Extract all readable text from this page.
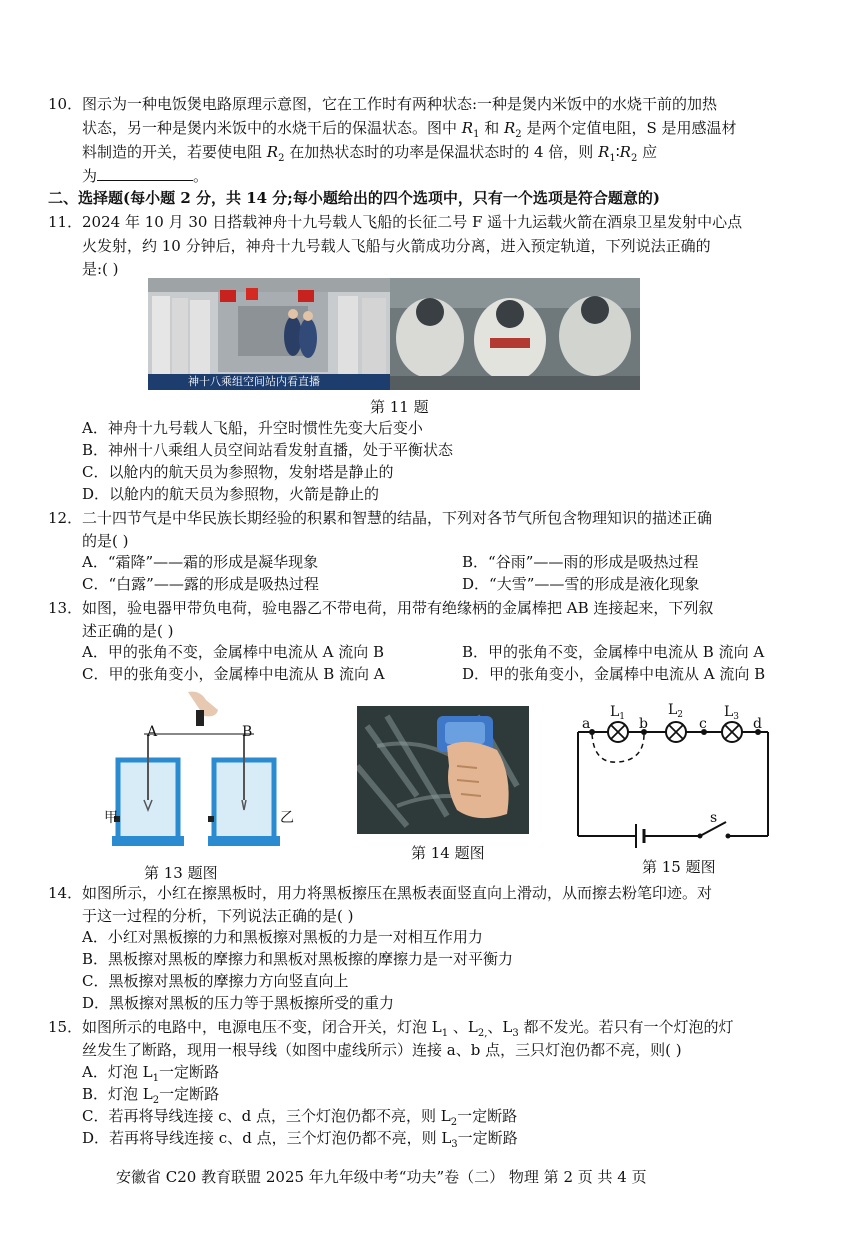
10． 图示为一种电饭煲电路原理示意图，它在工作时有两种状态:一种是煲内米饭中的水烧干前的加热
状态，另一种是煲内米饭中的水烧干后的保温状态。图中 $R_1$ 和 $R_2$ 是两个定值电阻，S 是用感温材
料制造的开关，若要使电阻 $R_2$ 在加热状态时的功率是保温状态时的 4 倍，则 $R_1∶R_2$ 应
为	。
二、选择题(每小题 2 分，共 14 分;每小题给出的四个选项中，只有一个选项是符合题意的)
11． 2024 年 10 月 30 日搭载神舟十九号载人飞船的长征二号 F 遥十九运载火箭在酒泉卫星发射中心点
火发射，约 10 分钟后，神舟十九号载人飞船与火箭成功分离，进入预定轨道，下列说法正确的
是:( )
神十八乘组空间站内看直播
第 11 题
A．神舟十九号载人飞船，升空时惯性先变大后变小
B．神州十八乘组人员空间站看发射直播，处于平衡状态
C．以舱内的航天员为参照物，发射塔是静止的
D．以舱内的航天员为参照物，火箭是静止的
12． 二十四节气是中华民族长期经验的积累和智慧的结晶，下列对各节气所包含物理知识的描述正确
的是( )
A．“霜降”——霜的形成是凝华现象	B．“谷雨”——雨的形成是吸热过程
C．“白露”——露的形成是吸热过程	D．“大雪”——雪的形成是液化现象
13． 如图，验电器甲带负电荷，验电器乙不带电荷，用带有绝缘柄的金属棒把 AB 连接起来，下列叙
述正确的是( )
A．甲的张角不变，金属棒中电流从 A 流向 B	B．甲的张角不变，金属棒中电流从 B 流向 A
C．甲的张角变小，金属棒中电流从 B 流向 A	D．甲的张角变小，金属棒中电流从 A 流向 B
A	B
甲	乙
第 13 题图
第 14 题图
a	b	c	d
$L_1$	$L_2$	$L_3$
s
第 15 题图
14． 如图所示，小红在擦黑板时，用力将黑板擦压在黑板表面竖直向上滑动，从而擦去粉笔印迹。对
于这一过程的分析，下列说法正确的是( )
A．小红对黑板擦的力和黑板擦对黑板的力是一对相互作用力
B．黑板擦对黑板的摩擦力和黑板对黑板擦的摩擦力是一对平衡力
C．黑板擦对黑板的摩擦力方向竖直向上
D．黑板擦对黑板的压力等于黑板擦所受的重力
15． 如图所示的电路中，电源电压不变，闭合开关，灯泡 $L_1$ 、$L_{2,}$、$L_3$ 都不发光。若只有一个灯泡的灯
丝发生了断路，现用一根导线（如图中虚线所示）连接 a、b 点，三只灯泡仍都不亮，则( )
A．灯泡 $L_1$一定断路
B．灯泡 $L_2$一定断路
C．若再将导线连接 c、d 点，三个灯泡仍都不亮，则 $L_2$一定断路
D．若再将导线连接 c、d 点，三个灯泡仍都不亮，则 $L_3$一定断路
安徽省 C20 教育联盟 2025 年九年级中考“功夫”卷（二） 物理 第 2 页 共 4 页
